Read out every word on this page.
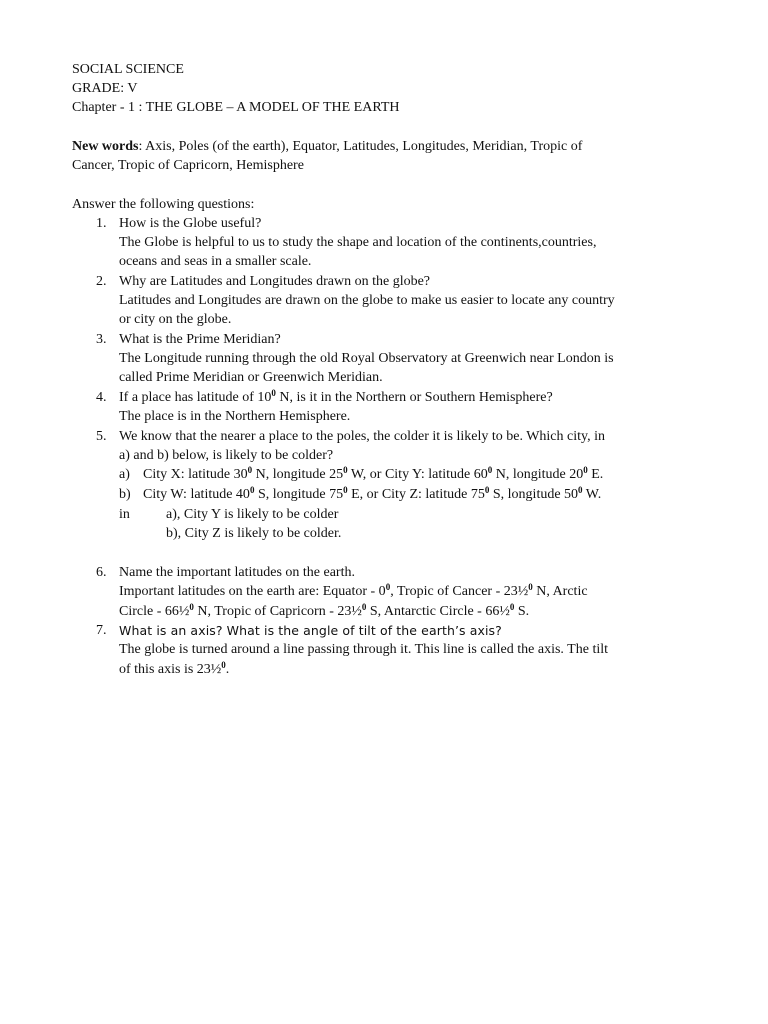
SOCIAL SCIENCE
GRADE: V
Chapter - 1 : THE GLOBE – A MODEL OF THE EARTH
New words: Axis, Poles (of the earth), Equator, Latitudes, Longitudes, Meridian, Tropic of
Cancer, Tropic of Capricorn, Hemisphere
Answer the following questions:
1. How is the Globe useful?
The Globe is helpful to us to study the shape and location of the continents,countries,
oceans and seas in a smaller scale.
2. Why are Latitudes and Longitudes drawn on the globe?
Latitudes and Longitudes are drawn on the globe to make us easier to locate any country
or city on the globe.
3. What is the Prime Meridian?
The Longitude running through the old Royal Observatory at Greenwich near London is
called Prime Meridian or Greenwich Meridian.
4. If a place has latitude of $10^0$ N, is it in the Northern or Southern Hemisphere?
The place is in the Northern Hemisphere.
5. We know that the nearer a place to the poles, the colder it is likely to be. Which city, in
a) and b) below, is likely to be colder?
a) City X: latitude $30^0$ N, longitude $25^0$ W, or City Y: latitude $60^0$ N, longitude $20^0$ E.
b) City W: latitude $40^0$ S, longitude $75^0$ E, or City Z: latitude $75^0$ S, longitude $50^0$ W.
in	a), City Y is likely to be colder
b), City Z is likely to be colder.
6. Name the important latitudes on the earth.
Important latitudes on the earth are: Equator - $0^0$, Tropic of Cancer - 23½$^0$ N, Arctic
Circle - 66½$^0$ N, Tropic of Capricorn - 23½$^0$ S, Antarctic Circle - 66½$^0$ S.
7. What is an axis? What is the angle of tilt of the earth’s axis?
The globe is turned around a line passing through it. This line is called the axis. The tilt
of this axis is 23½$^0$.
